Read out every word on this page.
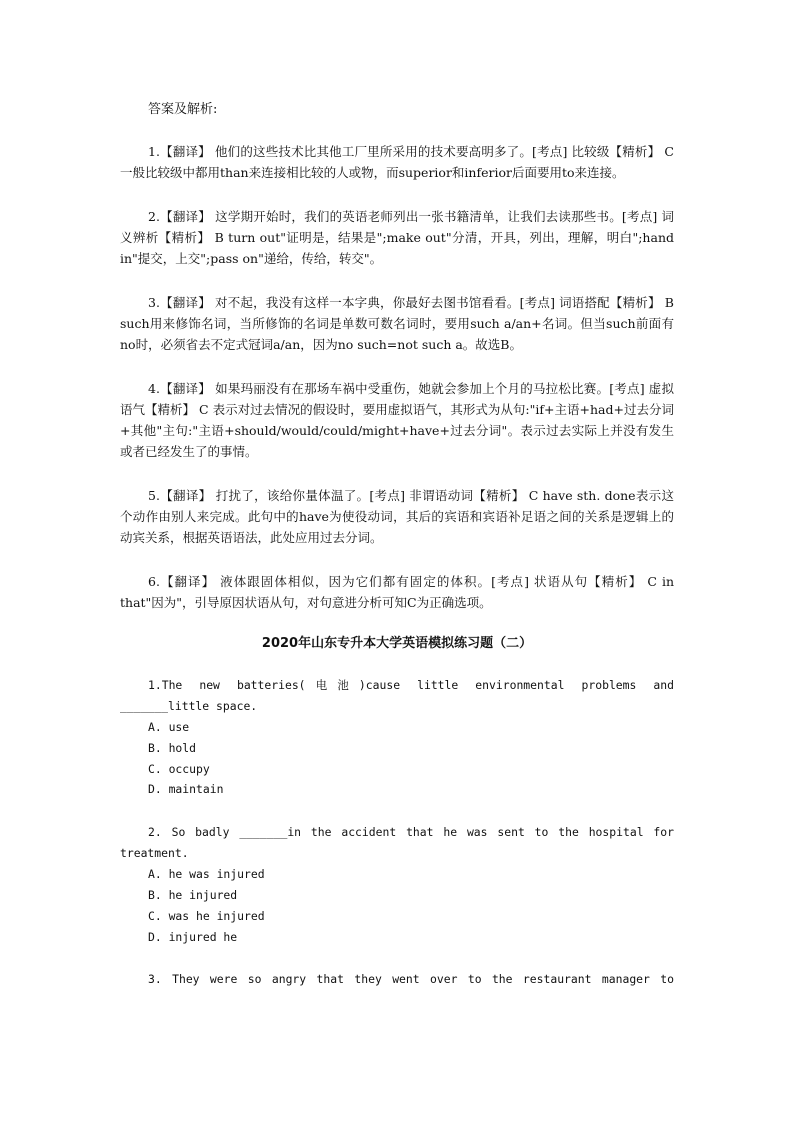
答案及解析:
1.【翻译】 他们的这些技术比其他工厂里所采用的技术要高明多了。[考点] 比较级【精析】 C 一般比较级中都用than来连接相比较的人或物，而superior和inferior后面要用to来连接。
2.【翻译】 这学期开始时，我们的英语老师列出一张书籍清单，让我们去读那些书。[考点] 词义辨析【精析】 B turn out"证明是，结果是";make out"分清，开具，列出，理解，明白";hand in"提交，上交";pass on"递给，传给，转交"。
3.【翻译】 对不起，我没有这样一本字典，你最好去图书馆看看。[考点] 词语搭配【精析】 B such用来修饰名词，当所修饰的名词是单数可数名词时，要用such a/an+名词。但当such前面有no时，必须省去不定式冠词a/an，因为no such=not such a。故选B。
4.【翻译】 如果玛丽没有在那场车祸中受重伤，她就会参加上个月的马拉松比赛。[考点] 虚拟语气【精析】 C 表示对过去情况的假设时，要用虚拟语气，其形式为从句:"if+主语+had+过去分词+其他"主句:"主语+should/would/could/might+have+过去分词"。表示过去实际上并没有发生或者已经发生了的事情。
5.【翻译】 打扰了，该给你量体温了。[考点] 非谓语动词【精析】 C have sth. done表示这个动作由别人来完成。此句中的have为使役动词，其后的宾语和宾语补足语之间的关系是逻辑上的动宾关系，根据英语语法，此处应用过去分词。
6.【翻译】 液体跟固体相似，因为它们都有固定的体积。[考点] 状语从句【精析】 C in that"因为"，引导原因状语从句，对句意进分析可知C为正确选项。
2020年山东专升本大学英语模拟练习题（二）
1.The new batteries(电池)cause little environmental problems and _______little space.
A. use
B. hold
C. occupy
D. maintain
2. So badly _______in the accident that he was sent to the hospital for treatment.
A. he was injured
B. he injured
C. was he injured
D. injured he
3. They were so angry that they went over to the restaurant manager to
